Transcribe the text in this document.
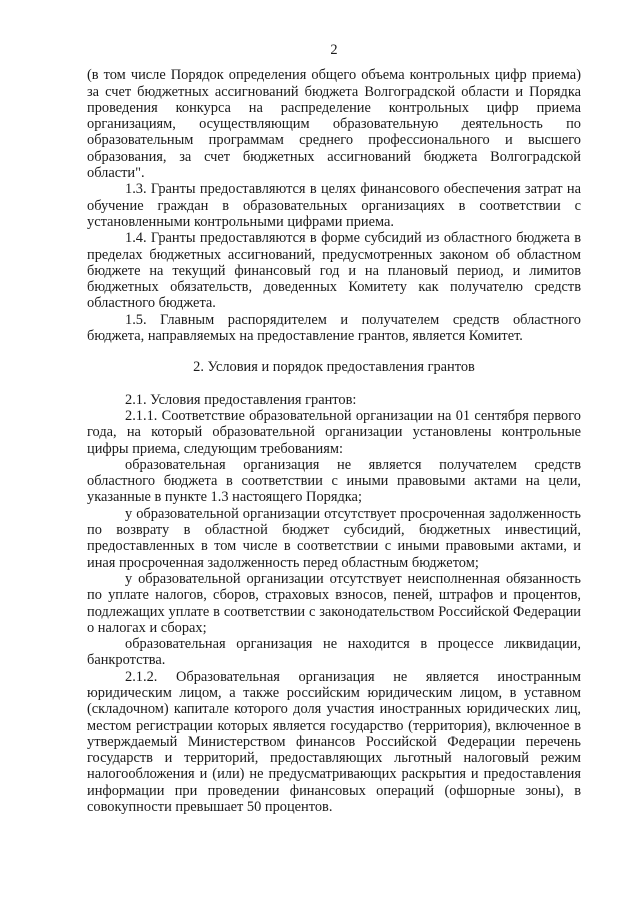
2

(в том числе Порядок определения общего объема контрольных цифр приема) за счет бюджетных ассигнований бюджета Волгоградской области и Порядка проведения конкурса на распределение контрольных цифр приема организациям, осуществляющим образовательную деятельность по образовательным программам среднего профессионального и высшего образования, за счет бюджетных ассигнований бюджета Волгоградской области".

1.3. Гранты предоставляются в целях финансового обеспечения затрат на обучение граждан в образовательных организациях в соответствии с установленными контрольными цифрами приема.

1.4. Гранты предоставляются в форме субсидий из областного бюджета в пределах бюджетных ассигнований, предусмотренных законом об областном бюджете на текущий финансовый год и на плановый период, и лимитов бюджетных обязательств, доведенных Комитету как получателю средств областного бюджета.

1.5. Главным распорядителем и получателем средств областного бюджета, направляемых на предоставление грантов, является Комитет.

2. Условия и порядок предоставления грантов

2.1. Условия предоставления грантов:

2.1.1. Соответствие образовательной организации на 01 сентября первого года, на который образовательной организации установлены контрольные цифры приема, следующим требованиям:

образовательная организация не является получателем средств областного бюджета в соответствии с иными правовыми актами на цели, указанные в пункте 1.3 настоящего Порядка;

у образовательной организации отсутствует просроченная задолженность по возврату в областной бюджет субсидий, бюджетных инвестиций, предоставленных в том числе в соответствии с иными правовыми актами, и иная просроченная задолженность перед областным бюджетом;

у образовательной организации отсутствует неисполненная обязанность по уплате налогов, сборов, страховых взносов, пеней, штрафов и процентов, подлежащих уплате в соответствии с законодательством Российской Федерации о налогах и сборах;

образовательная организация не находится в процессе ликвидации, банкротства.

2.1.2. Образовательная организация не является иностранным юридическим лицом, а также российским юридическим лицом, в уставном (складочном) капитале которого доля участия иностранных юридических лиц, местом регистрации которых является государство (территория), включенное в утверждаемый Министерством финансов Российской Федерации перечень государств и территорий, предоставляющих льготный налоговый режим налогообложения и (или) не предусматривающих раскрытия и предоставления информации при проведении финансовых операций (офшорные зоны), в совокупности превышает 50 процентов.
